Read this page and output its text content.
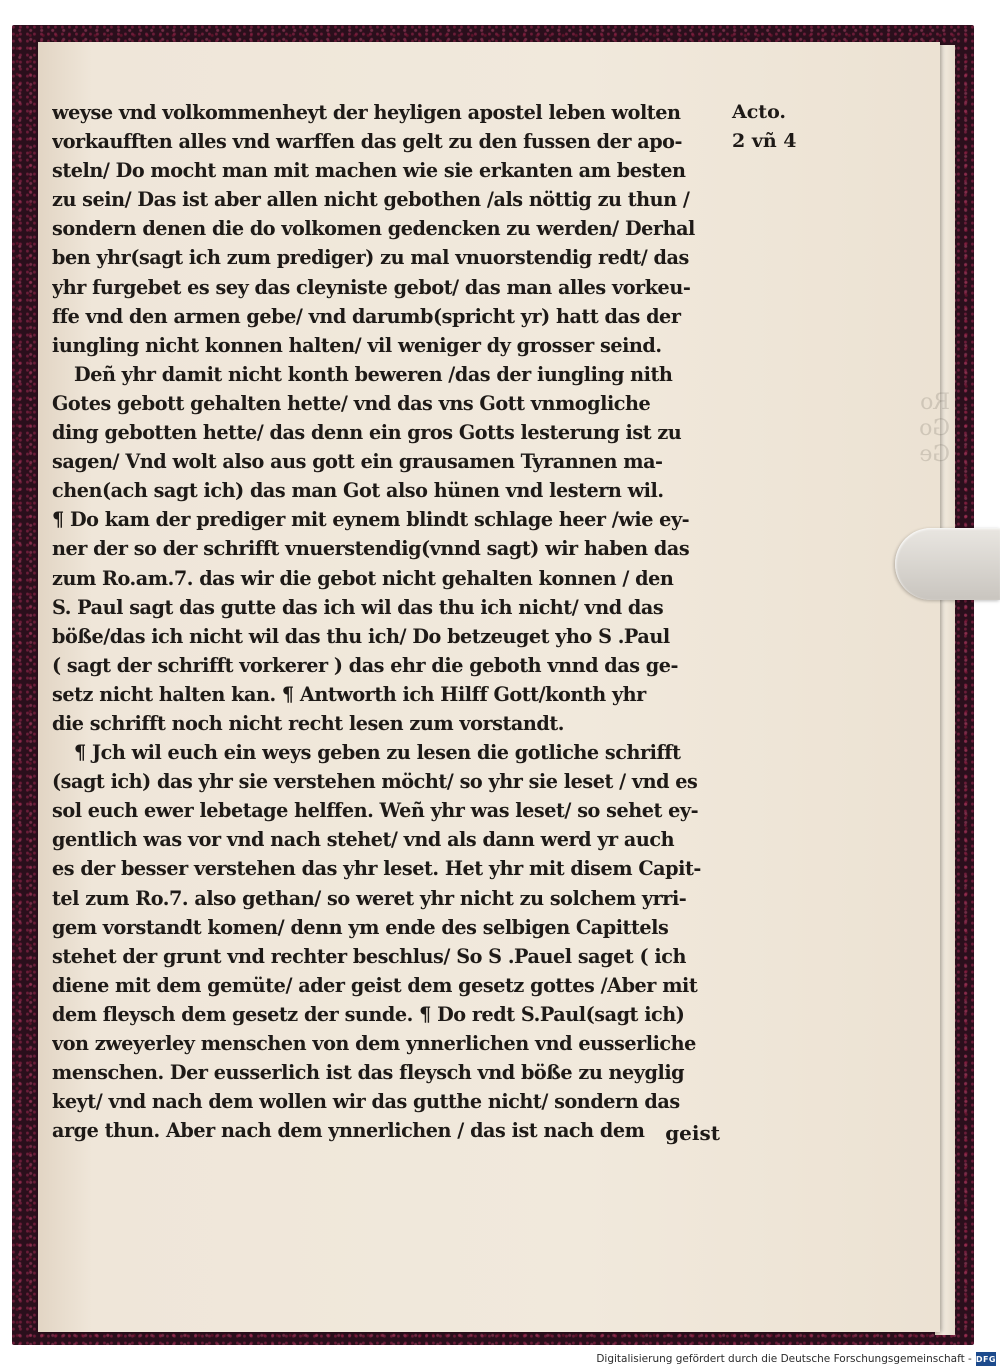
Ro
Go
Ge
weyse vnd volkommenheyt der heyligen apostel leben wolten
vorkaufften alles vnd warffen das gelt zu den fussen der apo-
steln/ Do mocht man mit machen wie sie erkanten am besten
zu sein/ Das ist aber allen nicht gebothen /als nöttig zu thun /
sondern denen die do volkomen gedencken zu werden/ Derhal
ben yhr(sagt ich zum prediger) zu mal vnuorstendig redt/ das
yhr furgebet es sey das cleyniste gebot/ das man alles vorkeu-
ffe vnd den armen gebe/ vnd darumb(spricht yr) hatt das der
iungling nicht konnen halten/ vil weniger dy grosser seind.
Deñ yhr damit nicht konth beweren /das der iungling nith
Gotes gebott gehalten hette/ vnd das vns Gott vnmogliche
ding gebotten hette/ das denn ein gros Gotts lesterung ist zu
sagen/ Vnd wolt also aus gott ein grausamen Tyrannen ma-
chen(ach sagt ich) das man Got also hünen vnd lestern wil.
¶ Do kam der prediger mit eynem blindt schlage heer /wie ey-
ner der so der schrifft vnuerstendig(vnnd sagt) wir haben das
zum Ro.am.7. das wir die gebot nicht gehalten konnen / den
S. Paul sagt das gutte das ich wil das thu ich nicht/ vnd das
böße/das ich nicht wil das thu ich/ Do betzeuget yho S .Paul
( sagt der schrifft vorkerer ) das ehr die geboth vnnd das ge-
setz nicht halten kan. ¶ Antworth ich Hilff Gott/konth yhr
die schrifft noch nicht recht lesen zum vorstandt.
¶ Jch wil euch ein weys geben zu lesen die gotliche schrifft
(sagt ich) das yhr sie verstehen möcht/ so yhr sie leset / vnd es
sol euch ewer lebetage helffen. Weñ yhr was leset/ so sehet ey-
gentlich was vor vnd nach stehet/ vnd als dann werd yr auch
es der besser verstehen das yhr leset. Het yhr mit disem Capit-
tel zum Ro.7. also gethan/ so weret yhr nicht zu solchem yrri-
gem vorstandt komen/ denn ym ende des selbigen Capittels
stehet der grunt vnd rechter beschlus/ So S .Pauel saget ( ich
diene mit dem gemüte/ ader geist dem gesetz gottes /Aber mit
dem fleysch dem gesetz der sunde. ¶ Do redt S.Paul(sagt ich)
von zweyerley menschen von dem ynnerlichen vnd eusserliche
menschen. Der eusserlich ist das fleysch vnd böße zu neyglig
keyt/ vnd nach dem wollen wir das gutthe nicht/ sondern das
arge thun. Aber nach dem ynnerlichen / das ist nach dem
Acto.
2 vñ 4
geist
Digitalisierung gefördert durch die Deutsche Forschungsgemeinschaft - DFG
